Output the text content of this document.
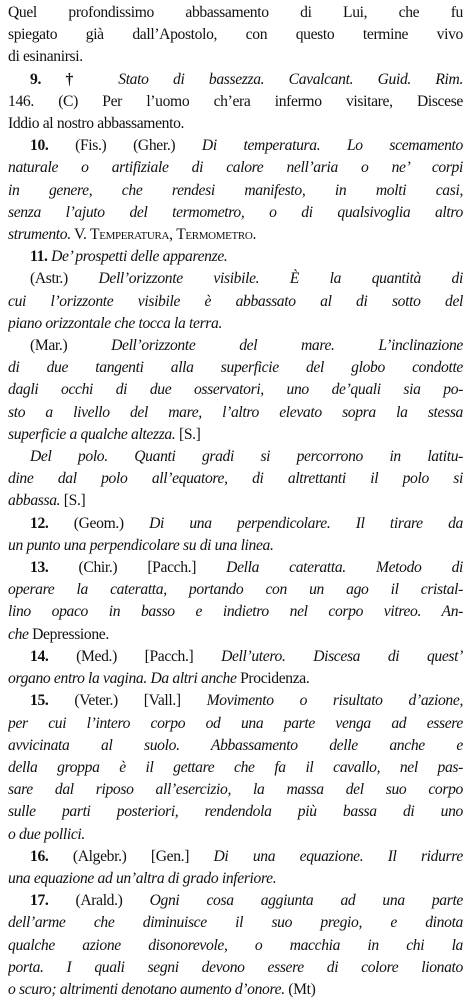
Quel profondissimo abbassamento di Lui, che fu
spiegato già dall’Apostolo, con questo termine vivo
di esinanirsi.
9. † Stato di bassezza. Cavalcant. Guid. Rim.
146. (C) Per l’uomo ch’era infermo visitare, Discese
Iddio al nostro abbassamento.
10. (Fis.) (Gher.) Di temperatura. Lo scemamento
naturale o artifiziale di calore nell’aria o ne’ corpi
in genere, che rendesi manifesto, in molti casi,
senza l’ajuto del termometro, o di qualsivoglia altro
strumento. V. Temperatura, Termometro.
11. De’ prospetti delle apparenze.
(Astr.) Dell’orizzonte visibile. È la quantità di
cui l’orizzonte visibile è abbassato al di sotto del
piano orizzontale che tocca la terra.
(Mar.) Dell’orizzonte del mare. L’inclinazione
di due tangenti alla superficie del globo condotte
dagli occhi di due osservatori, uno de’quali sia po-
sto a livello del mare, l’altro elevato sopra la stessa
superficie a qualche altezza. [S.]
Del polo. Quanti gradi si percorrono in latitu-
dine dal polo all’equatore, di altrettanti il polo si
abbassa. [S.]
12. (Geom.) Di una perpendicolare. Il tirare da
un punto una perpendicolare su di una linea.
13. (Chir.) [Pacch.] Della cateratta. Metodo di
operare la cateratta, portando con un ago il cristal-
lino opaco in basso e indietro nel corpo vitreo. An-
che Depressione.
14. (Med.) [Pacch.] Dell’utero. Discesa di quest’
organo entro la vagina. Da altri anche Procidenza.
15. (Veter.) [Vall.] Movimento o risultato d’azione,
per cui l’intero corpo od una parte venga ad essere
avvicinata al suolo. Abbassamento delle anche e
della groppa è il gettare che fa il cavallo, nel pas-
sare dal riposo all’esercizio, la massa del suo corpo
sulle parti posteriori, rendendola più bassa di uno
o due pollici.
16. (Algebr.) [Gen.] Di una equazione. Il ridurre
una equazione ad un’altra di grado inferiore.
17. (Arald.) Ogni cosa aggiunta ad una parte
dell’arme che diminuisce il suo pregio, e dinota
qualche azione disonorevole, o macchia in chi la
porta. I quali segni devono essere di colore lionato
o scuro; altrimenti denotano aumento d’onore. (Mt)
